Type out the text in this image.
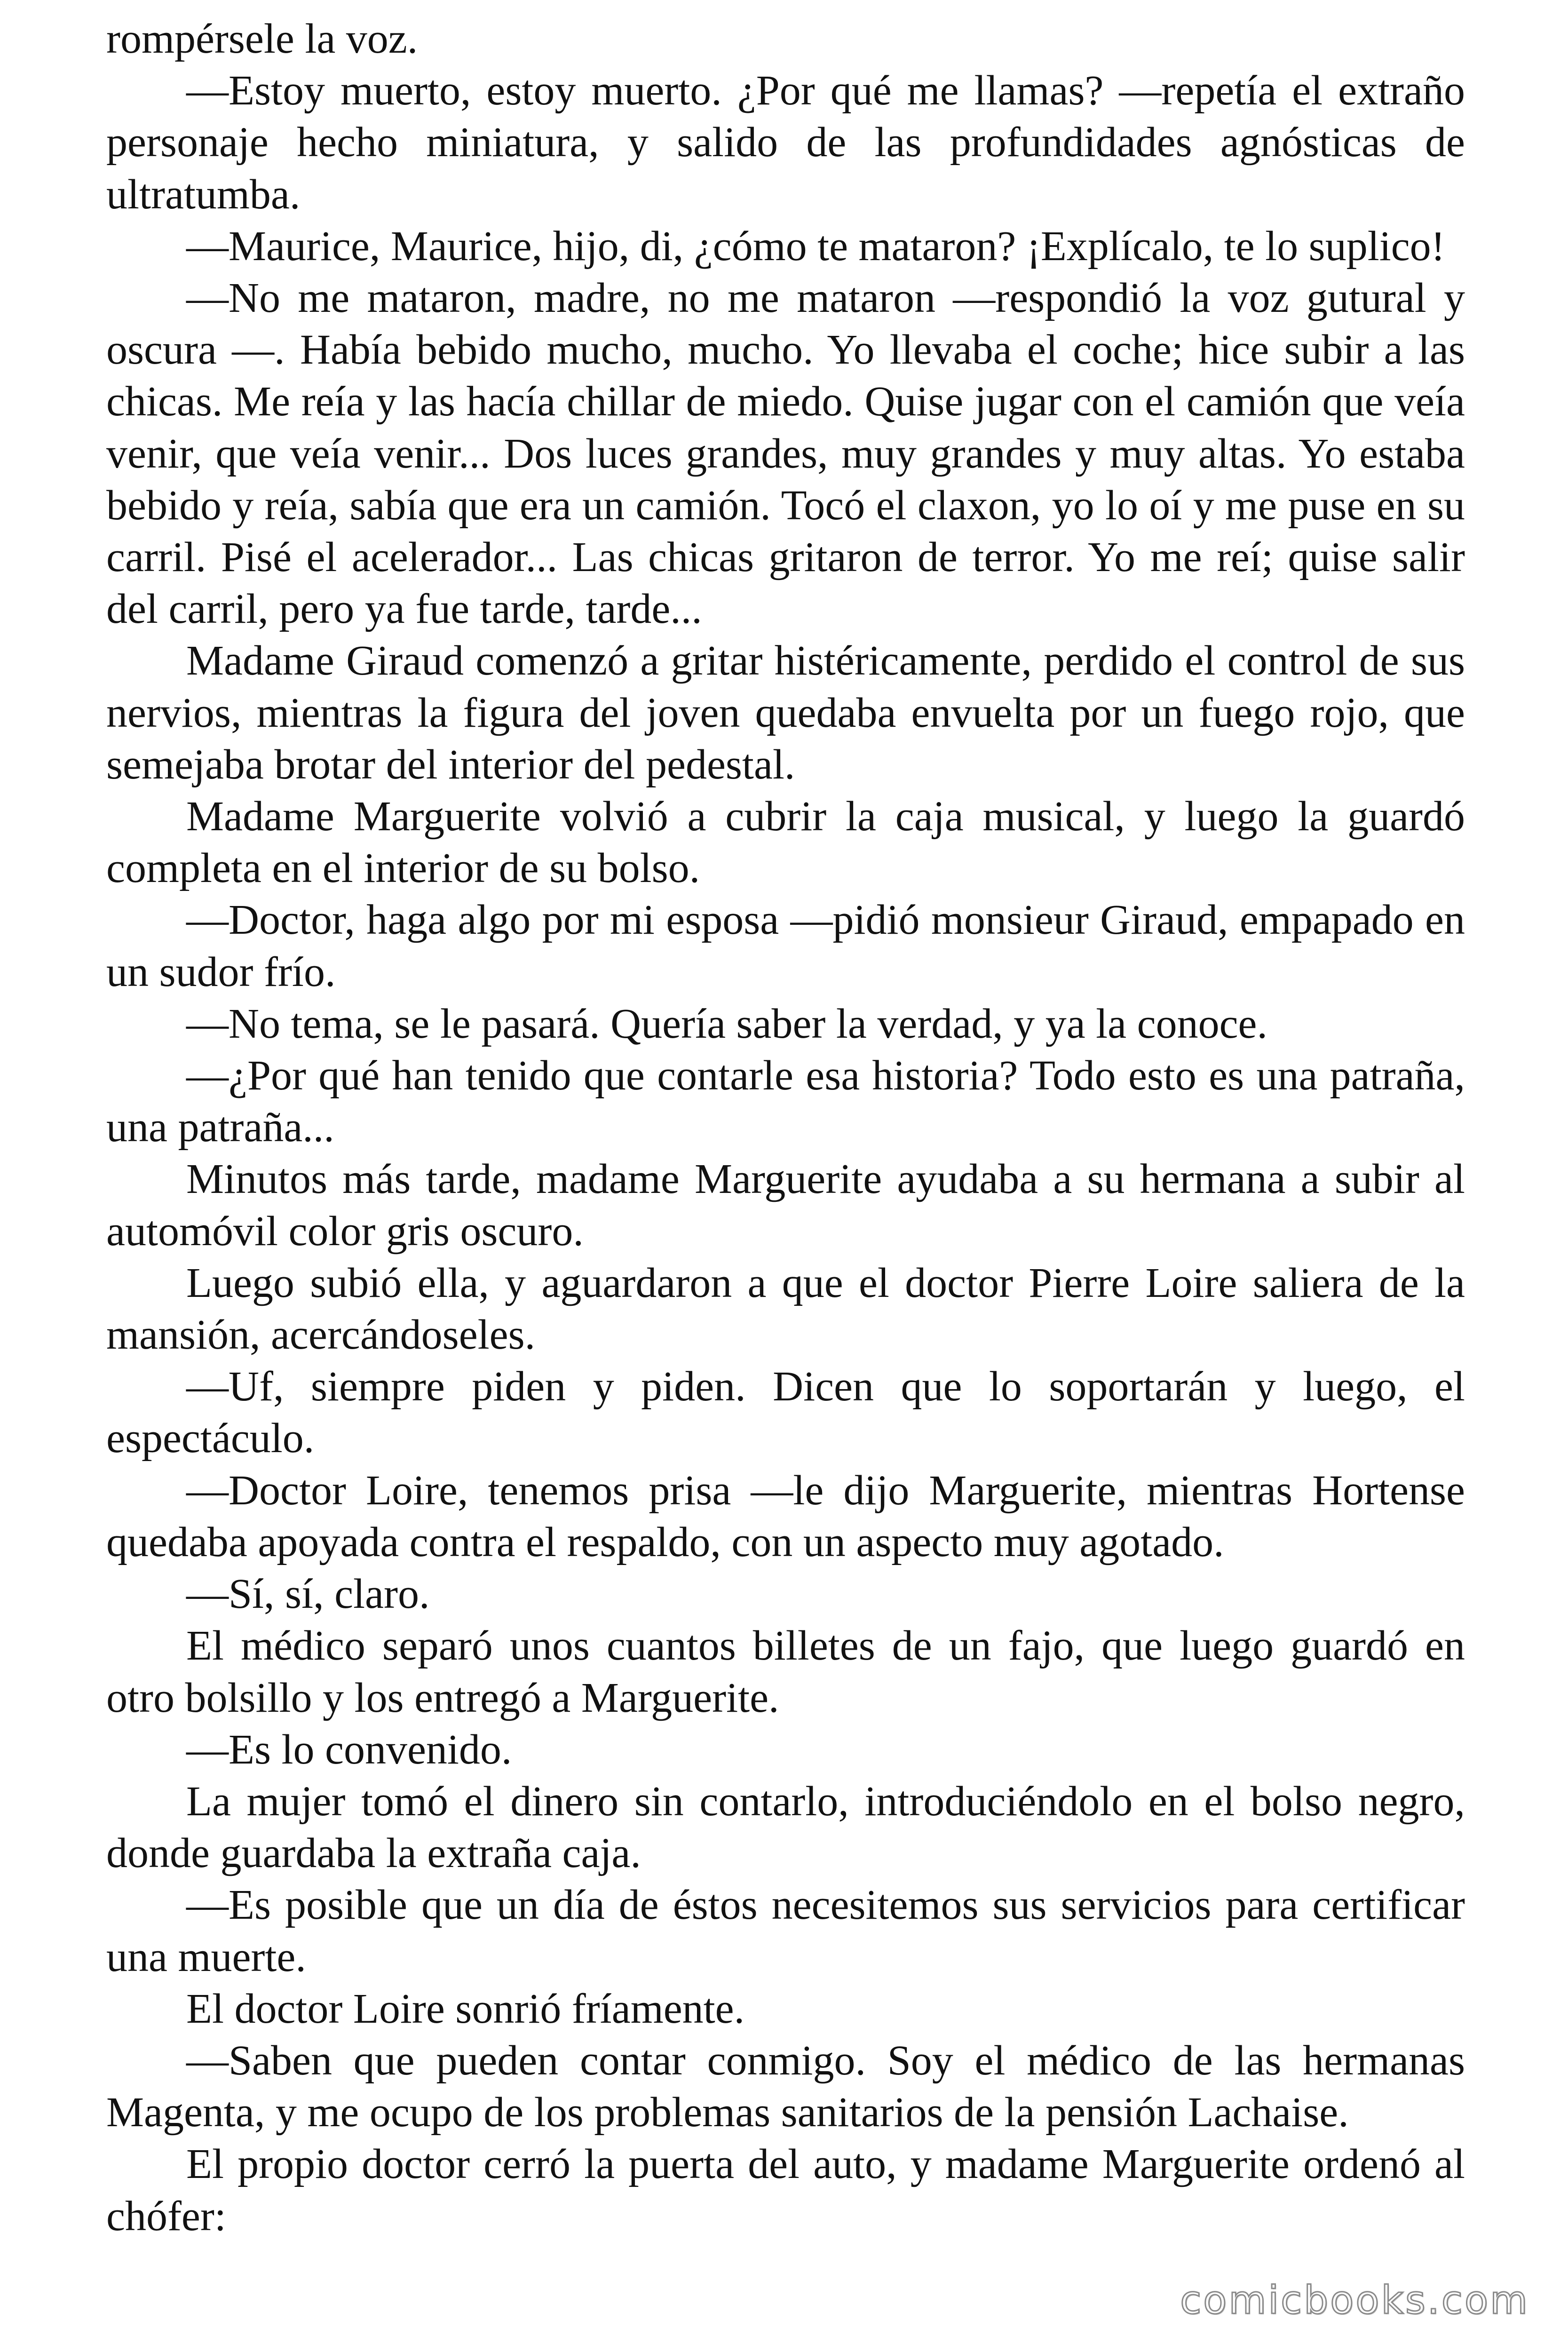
rompérsele la voz.

—Estoy muerto, estoy muerto. ¿Por qué me llamas? —repetía el extraño personaje hecho miniatura, y salido de las profundidades agnósticas de ultratumba.

—Maurice, Maurice, hijo, di, ¿cómo te mataron? ¡Explícalo, te lo suplico!

—No me mataron, madre, no me mataron —respondió la voz gutural y oscura —. Había bebido mucho, mucho. Yo llevaba el coche; hice subir a las chicas. Me reía y las hacía chillar de miedo. Quise jugar con el camión que veía venir, que veía venir... Dos luces grandes, muy grandes y muy altas. Yo estaba bebido y reía, sabía que era un camión. Tocó el claxon, yo lo oí y me puse en su carril. Pisé el acelerador... Las chicas gritaron de terror. Yo me reí; quise salir del carril, pero ya fue tarde, tarde...

Madame Giraud comenzó a gritar histéricamente, perdido el control de sus nervios, mientras la figura del joven quedaba envuelta por un fuego rojo, que semejaba brotar del interior del pedestal.

Madame Marguerite volvió a cubrir la caja musical, y luego la guardó completa en el interior de su bolso.

—Doctor, haga algo por mi esposa —pidió monsieur Giraud, empapado en un sudor frío.

—No tema, se le pasará. Quería saber la verdad, y ya la conoce.

—¿Por qué han tenido que contarle esa historia? Todo esto es una patraña, una patraña...

Minutos más tarde, madame Marguerite ayudaba a su hermana a subir al automóvil color gris oscuro.

Luego subió ella, y aguardaron a que el doctor Pierre Loire saliera de la mansión, acercándoseles.

—Uf, siempre piden y piden. Dicen que lo soportarán y luego, el espectáculo.

—Doctor Loire, tenemos prisa —le dijo Marguerite, mientras Hortense quedaba apoyada contra el respaldo, con un aspecto muy agotado.

—Sí, sí, claro.

El médico separó unos cuantos billetes de un fajo, que luego guardó en otro bolsillo y los entregó a Marguerite.

—Es lo convenido.

La mujer tomó el dinero sin contarlo, introduciéndolo en el bolso negro, donde guardaba la extraña caja.

—Es posible que un día de éstos necesitemos sus servicios para certificar una muerte.

El doctor Loire sonrió fríamente.

—Saben que pueden contar conmigo. Soy el médico de las hermanas Magenta, y me ocupo de los problemas sanitarios de la pensión Lachaise.

El propio doctor cerró la puerta del auto, y madame Marguerite ordenó al chófer:

comicbooks.com
